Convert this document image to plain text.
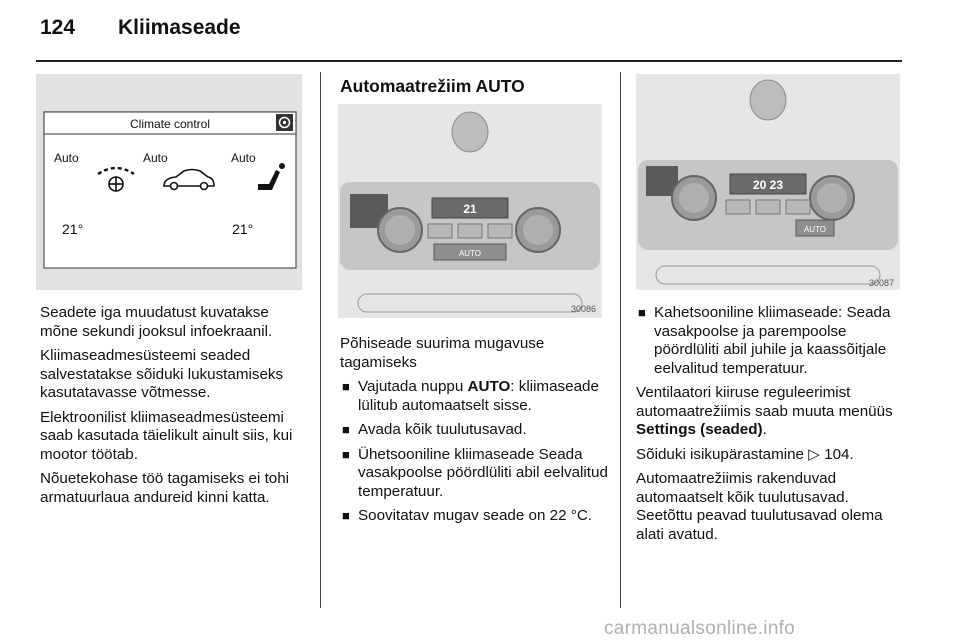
124 Kliimaseade
Climate control
Auto	Auto	Auto
21°	21°

Seadete iga muudatust kuvatakse mõne sekundi jooksul infoekraanil.

Kliimaseadmesüsteemi seaded salvestatakse sõiduki lukustamiseks kasutatavasse võtmesse.

Elektroonilist kliimaseadmesüsteemi saab kasutada täielikult ainult siis, kui mootor töötab.

Nõuetekohase töö tagamiseks ei tohi armatuurlaua andureid kinni katta.

Automaatrežiim AUTO
21
AUTO
30086

Põhiseade suurima mugavuse tagamiseks

■ Vajutada nuppu AUTO: kliimaseade lülitub automaatselt sisse.
■ Avada kõik tuulutusavad.
■ Ühetsooniline kliimaseade Seada vasakpoolse pöördlüliti abil eelvalitud temperatuur.
■ Soovitatav mugav seade on 22 °C.
20 23
AUTO
30087
■ Kahetsooniline kliimaseade: Seada vasakpoolse ja parempoolse pöördlüliti abil juhile ja kaassõitjale eelvalitud temperatuur.

Ventilaatori kiiruse reguleerimist automaatrežiimis saab muuta menüüs Settings (seaded).

Sõiduki isikupärastamine ▷ 104.

Automaatrežiimis rakenduvad automaatselt kõik tuulutusavad. Seetõttu peavad tuulutusavad olema alati avatud.

carmanualsonline.info
